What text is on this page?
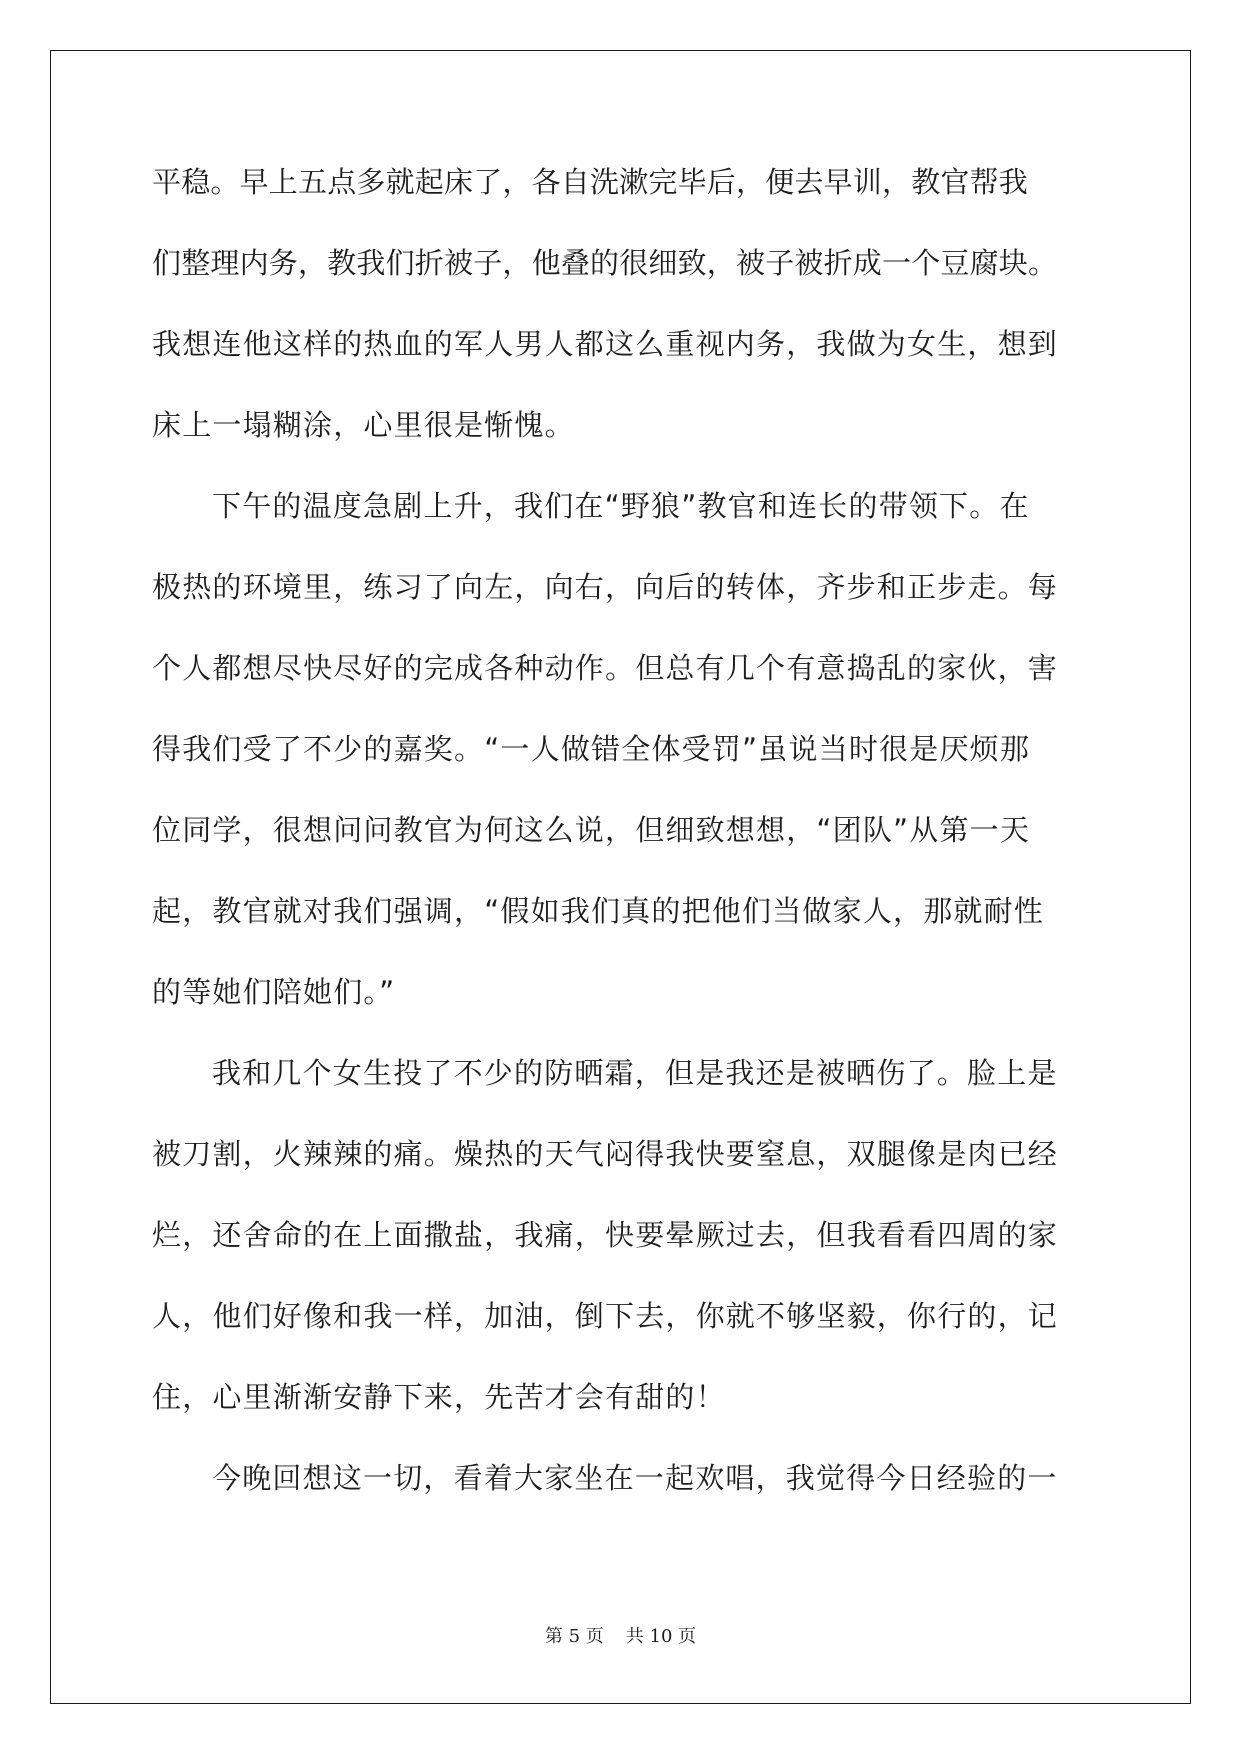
平稳。早上五点多就起床了，各自洗漱完毕后，便去早训，教官帮我
们整理内务，教我们折被子，他叠的很细致，被子被折成一个豆腐块。
我想连他这样的热血的军人男人都这么重视内务，我做为女生，想到
床上一塌糊涂，心里很是惭愧。
下午的温度急剧上升，我们在“野狼”教官和连长的带领下。在
极热的环境里，练习了向左，向右，向后的转体，齐步和正步走。每
个人都想尽快尽好的完成各种动作。但总有几个有意捣乱的家伙，害
得我们受了不少的嘉奖。“一人做错全体受罚”虽说当时很是厌烦那
位同学，很想问问教官为何这么说，但细致想想，“团队”从第一天
起，教官就对我们强调，“假如我们真的把他们当做家人，那就耐性
的等她们陪她们。”
我和几个女生投了不少的防晒霜，但是我还是被晒伤了。脸上是
被刀割，火辣辣的痛。燥热的天气闷得我快要窒息，双腿像是肉已经
烂，还舍命的在上面撒盐，我痛，快要晕厥过去，但我看看四周的家
人，他们好像和我一样，加油，倒下去，你就不够坚毅，你行的，记
住，心里渐渐安静下来，先苦才会有甜的！
今晚回想这一切，看着大家坐在一起欢唱，我觉得今日经验的一
第 5 页 共 10 页
